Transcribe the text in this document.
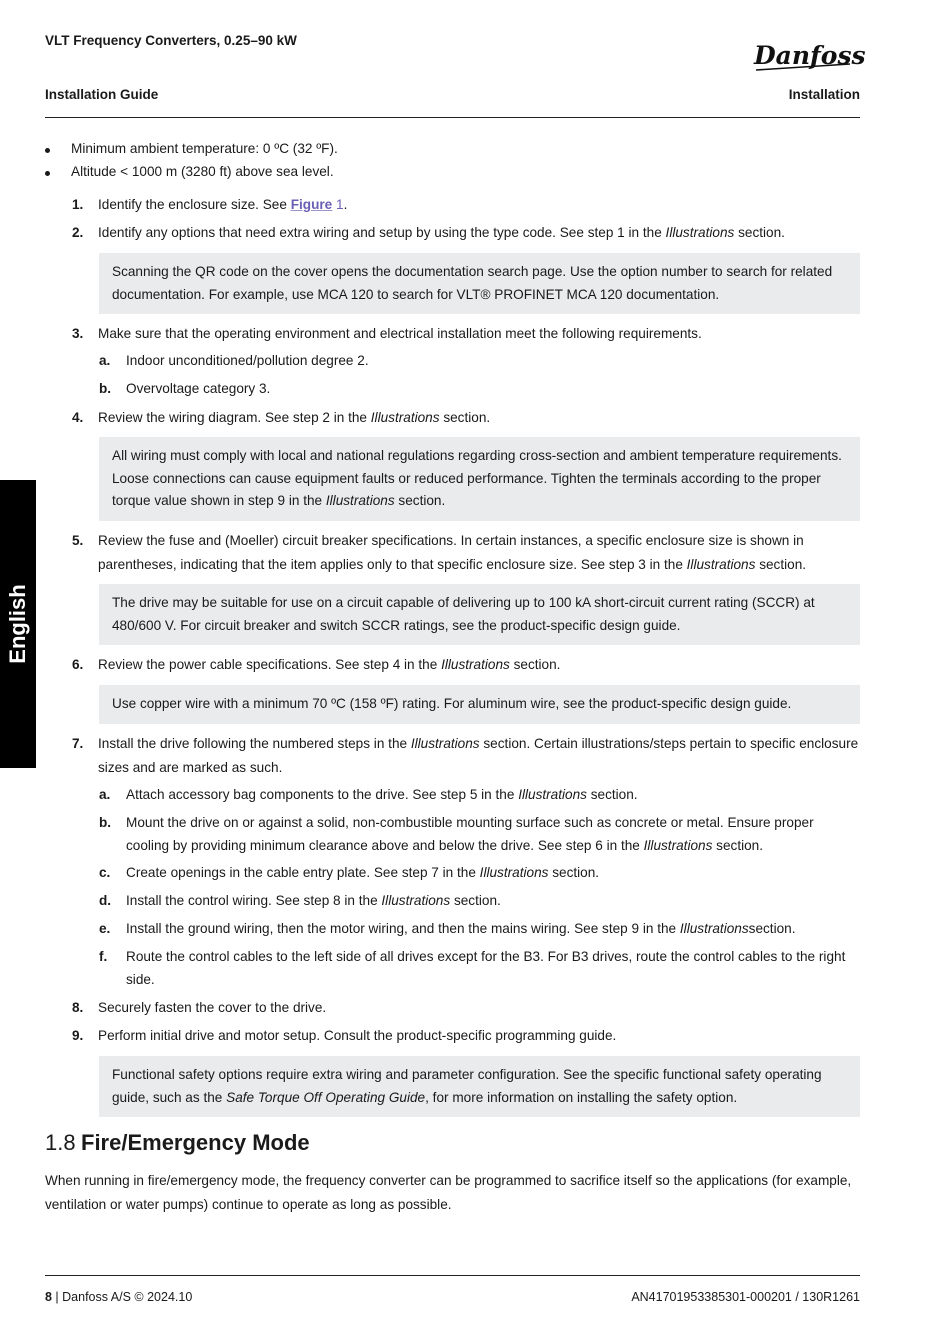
VLT Frequency Converters, 0.25–90 kW
Installation Guide	Installation
Danfoss
English
Minimum ambient temperature: 0 ºC (32 ºF).
Altitude < 1000 m (3280 ft) above sea level.
1. Identify the enclosure size. See Figure 1.
2. Identify any options that need extra wiring and setup by using the type code. See step 1 in the Illustrations section.
Scanning the QR code on the cover opens the documentation search page. Use the option number to search for related documentation. For example, use MCA 120 to search for VLT® PROFINET MCA 120 documentation.
3. Make sure that the operating environment and electrical installation meet the following requirements.
a. Indoor unconditioned/pollution degree 2.
b. Overvoltage category 3.
4. Review the wiring diagram. See step 2 in the Illustrations section.
All wiring must comply with local and national regulations regarding cross-section and ambient temperature requirements. Loose connections can cause equipment faults or reduced performance. Tighten the terminals according to the proper torque value shown in step 9 in the Illustrations section.
5. Review the fuse and (Moeller) circuit breaker specifications. In certain instances, a specific enclosure size is shown in parentheses, indicating that the item applies only to that specific enclosure size. See step 3 in the Illustrations section.
The drive may be suitable for use on a circuit capable of delivering up to 100 kA short-circuit current rating (SCCR) at 480/600 V. For circuit breaker and switch SCCR ratings, see the product-specific design guide.
6. Review the power cable specifications. See step 4 in the Illustrations section.
Use copper wire with a minimum 70 ºC (158 ºF) rating. For aluminum wire, see the product-specific design guide.
7. Install the drive following the numbered steps in the Illustrations section. Certain illustrations/steps pertain to specific enclosure sizes and are marked as such.
a. Attach accessory bag components to the drive. See step 5 in the Illustrations section.
b. Mount the drive on or against a solid, non-combustible mounting surface such as concrete or metal. Ensure proper cooling by providing minimum clearance above and below the drive. See step 6 in the Illustrations section.
c. Create openings in the cable entry plate. See step 7 in the Illustrations section.
d. Install the control wiring. See step 8 in the Illustrations section.
e. Install the ground wiring, then the motor wiring, and then the mains wiring. See step 9 in the Illustrationssection.
f. Route the control cables to the left side of all drives except for the B3. For B3 drives, route the control cables to the right side.
8. Securely fasten the cover to the drive.
9. Perform initial drive and motor setup. Consult the product-specific programming guide.
Functional safety options require extra wiring and parameter configuration. See the specific functional safety operating guide, such as the Safe Torque Off Operating Guide, for more information on installing the safety option.
1.8 Fire/Emergency Mode
When running in fire/emergency mode, the frequency converter can be programmed to sacrifice itself so the applications (for example, ventilation or water pumps) continue to operate as long as possible.
8 | Danfoss A/S © 2024.10	AN41701953385301-000201 / 130R1261
